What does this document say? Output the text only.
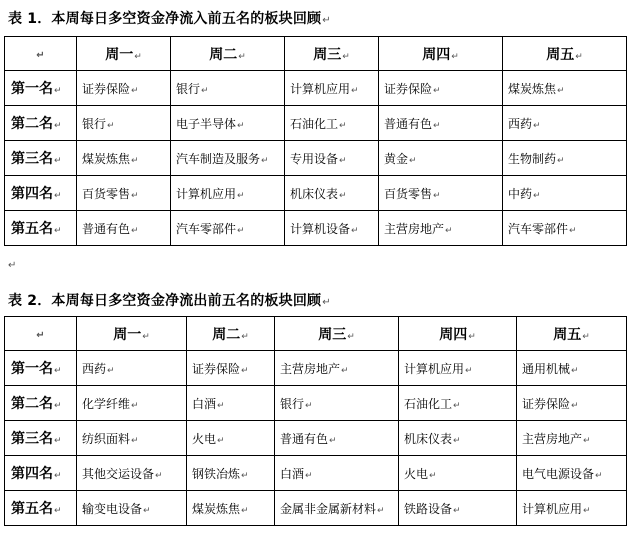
表 1．本周每日多空资金净流入前五名的板块回顾↵
↵	周一↵	周二↵	周三↵	周四↵	周五↵
第一名↵	证券保险↵	银行↵	计算机应用↵	证券保险↵	煤炭炼焦↵
第二名↵	银行↵	电子半导体↵	石油化工↵	普通有色↵	西药↵
第三名↵	煤炭炼焦↵	汽车制造及服务↵	专用设备↵	黄金↵	生物制药↵
第四名↵	百货零售↵	计算机应用↵	机床仪表↵	百货零售↵	中药↵
第五名↵	普通有色↵	汽车零部件↵	计算机设备↵	主营房地产↵	汽车零部件↵
↵
表 2．本周每日多空资金净流出前五名的板块回顾↵
↵	周一↵	周二↵	周三↵	周四↵	周五↵
第一名↵	西药↵	证券保险↵	主营房地产↵	计算机应用↵	通用机械↵
第二名↵	化学纤维↵	白酒↵	银行↵	石油化工↵	证券保险↵
第三名↵	纺织面料↵	火电↵	普通有色↵	机床仪表↵	主营房地产↵
第四名↵	其他交运设备↵	钢铁冶炼↵	白酒↵	火电↵	电气电源设备↵
第五名↵	输变电设备↵	煤炭炼焦↵	金属非金属新材料↵	铁路设备↵	计算机应用↵
